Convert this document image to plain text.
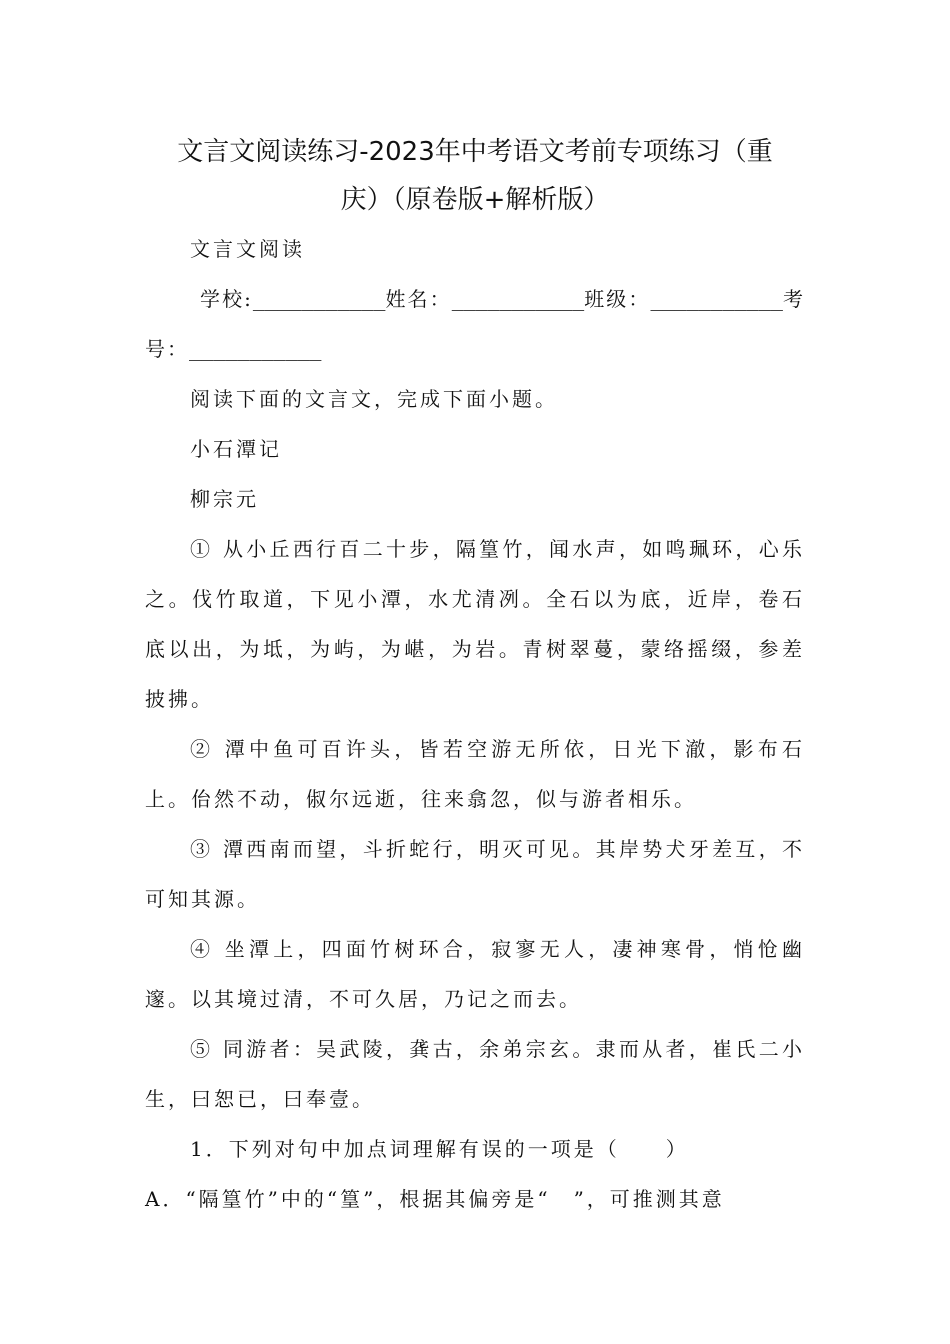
文言文阅读练习-2023年中考语文考前专项练习（重
庆）（原卷版+解析版）
文言文阅读
学校:___________姓名：___________班级：___________考号：___________
阅读下面的文言文，完成下面小题。
小石潭记
柳宗元
① 从小丘西行百二十步，隔篁竹，闻水声，如鸣珮环，心乐之。伐竹取道，下见小潭，水尤清冽。全石以为底，近岸，卷石底以出，为坻，为屿，为嵁，为岩。青树翠蔓，蒙络摇缀，参差披拂。
② 潭中鱼可百许头，皆若空游无所依，日光下澈，影布石上。佁然不动，俶尔远逝，往来翕忽，似与游者相乐。
③ 潭西南而望，斗折蛇行，明灭可见。其岸势犬牙差互，不可知其源。
④ 坐潭上，四面竹树环合，寂寥无人，凄神寒骨，悄怆幽邃。以其境过清，不可久居，乃记之而去。
⑤ 同游者：吴武陵，龚古，余弟宗玄。隶而从者，崔氏二小生，曰恕已，曰奉壹。
1．下列对句中加点词理解有误的一项是（　　）
A．“隔篁竹”中的“篁”，根据其偏旁是“　”，可推测其意
